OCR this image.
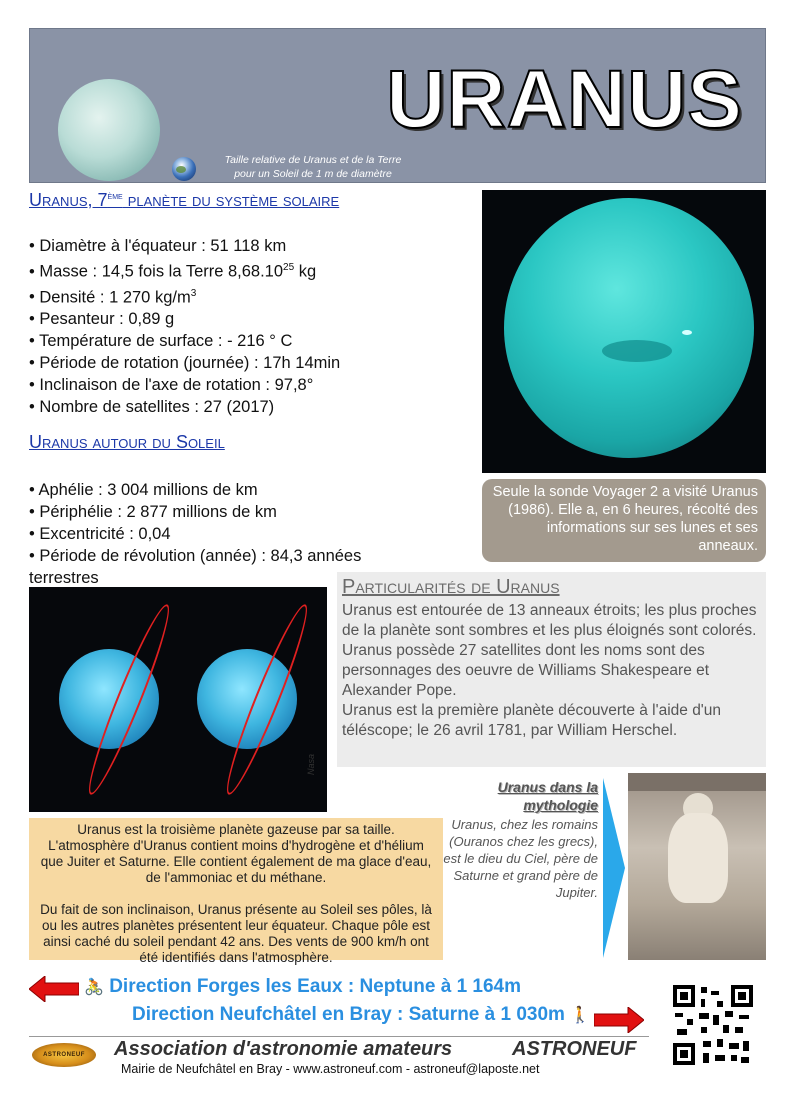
URANUS
Taille relative de Uranus et de la Terre
pour un Soleil de 1 m de diamètre
Uranus, 7ème planète du système solaire
• Diamètre à l'équateur : 51 118 km
• Masse : 14,5 fois la Terre 8,68.10$^{25}$ kg
• Densité : 1 270 $kg/m^3$
• Pesanteur : 0,89 g
• Température de surface : - 216 ° C
• Période de rotation (journée) : 17h 14min
• Inclinaison de l'axe de rotation : 97,8°
• Nombre de satellites : 27 (2017)
Uranus autour du Soleil
• Aphélie : 3 004 millions de km
• Périphélie : 2 877 millions de km
• Excentricité : 0,04
• Période de révolution (année) : 84,3 années
terrestres
Seule la sonde Voyager 2 a visité Uranus (1986). Elle a, en 6 heures, récolté des informations sur ses lunes et ses anneaux.
Particularités de Uranus
Uranus est entourée de 13 anneaux étroits; les plus proches de la planète sont sombres et les plus éloignés sont colorés.
Uranus possède 27 satellites dont les noms sont des personnages des oeuvre de Williams Shakespeare et Alexander Pope.
Uranus est la première planète découverte à l'aide d'un téléscope; le 26 avril 1781, par William Herschel.
Nasa

Uranus est la troisième planète gazeuse par sa taille. L'atmosphère d'Uranus contient moins d'hydrogène et d'hélium que Juiter et Saturne. Elle contient également de ma glace d'eau, de l'ammoniac et du méthane.

Du fait de son inclinaison, Uranus présente au Soleil ses pôles, là ou les autres planètes présentent leur équateur. Chaque pôle est ainsi caché du soleil pendant 42 ans. Des vents de 900 km/h ont été identifiés dans l'atmosphère.

Uranus dans la mythologie
Uranus, chez les romains (Ouranos chez les grecs), est le dieu du Ciel, père de Saturne et grand père de Jupiter.
🚴 Direction Forges les Eaux : Neptune à 1 164m
Direction Neufchâtel en Bray : Saturne à 1 030m 🚶
ASTRONEUF Association d'astronomie amateurs	ASTRONEUF
Mairie de Neufchâtel en Bray - www.astroneuf.com - astroneuf@laposte.net
